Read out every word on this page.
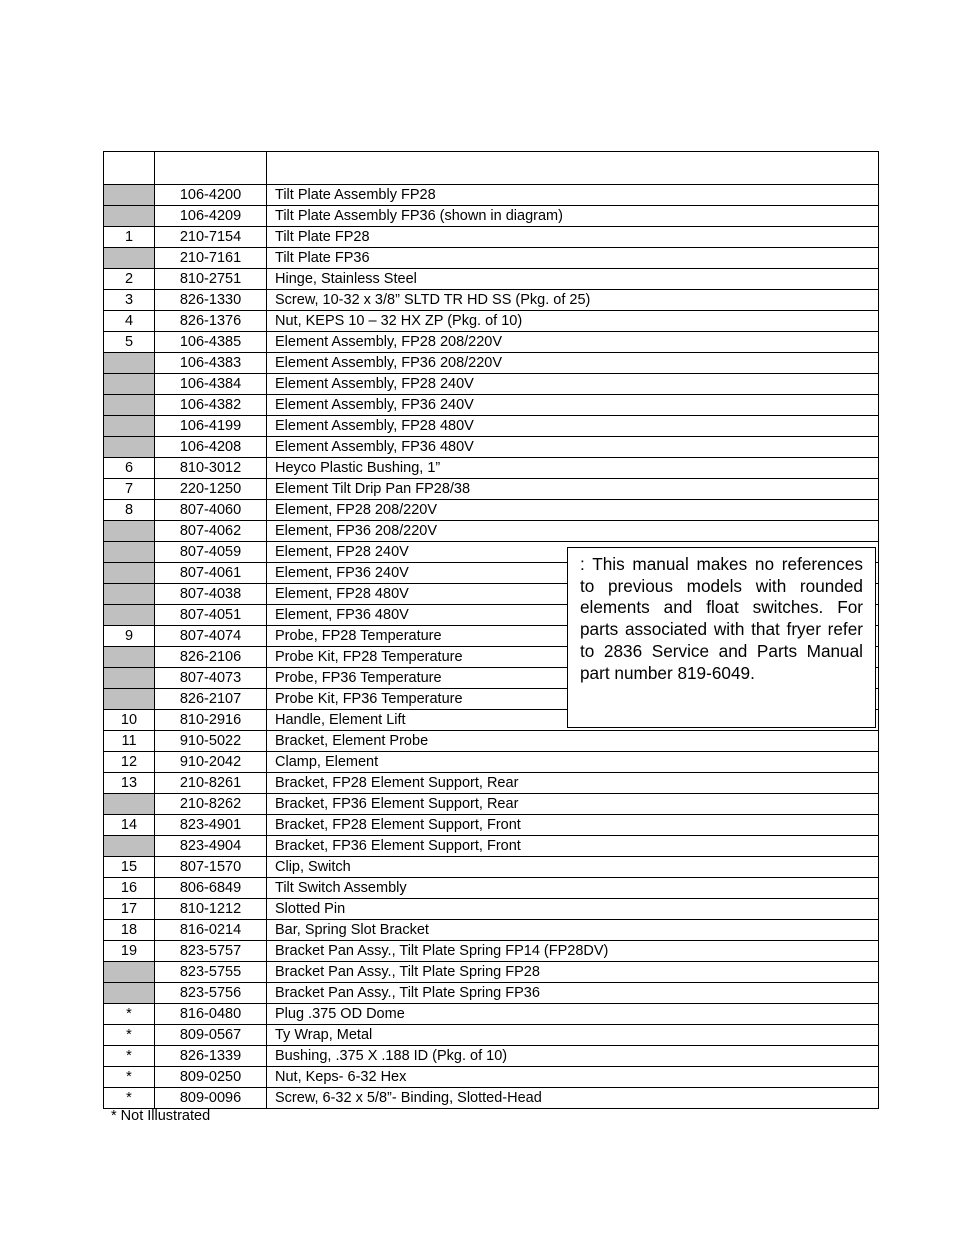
	106-4200	Tilt Plate Assembly FP28
	106-4209	Tilt Plate Assembly FP36 (shown in diagram)
1	210-7154	Tilt Plate FP28
	210-7161	Tilt Plate FP36
2	810-2751	Hinge, Stainless Steel
3	826-1330	Screw, 10-32 x 3/8” SLTD TR HD SS (Pkg. of 25)
4	826-1376	Nut, KEPS 10 – 32 HX ZP (Pkg. of 10)
5	106-4385	Element Assembly, FP28 208/220V
	106-4383	Element Assembly, FP36 208/220V
	106-4384	Element Assembly, FP28 240V
	106-4382	Element Assembly, FP36 240V
	106-4199	Element Assembly, FP28 480V
	106-4208	Element Assembly, FP36 480V
6	810-3012	Heyco Plastic Bushing, 1”
7	220-1250	Element Tilt Drip Pan FP28/38
8	807-4060	Element, FP28 208/220V
	807-4062	Element, FP36 208/220V
	807-4059	Element, FP28 240V
	807-4061	Element, FP36 240V
	807-4038	Element, FP28 480V
	807-4051	Element, FP36 480V
9	807-4074	Probe, FP28 Temperature
	826-2106	Probe Kit, FP28 Temperature
	807-4073	Probe, FP36 Temperature
	826-2107	Probe Kit, FP36 Temperature
10	810-2916	Handle, Element Lift
11	910-5022	Bracket, Element Probe
12	910-2042	Clamp, Element
13	210-8261	Bracket, FP28 Element Support, Rear
	210-8262	Bracket, FP36 Element Support, Rear
14	823-4901	Bracket, FP28 Element Support, Front
	823-4904	Bracket, FP36 Element Support, Front
15	807-1570	Clip, Switch
16	806-6849	Tilt Switch Assembly
17	810-1212	Slotted Pin
18	816-0214	Bar, Spring Slot Bracket
19	823-5757	Bracket Pan Assy., Tilt Plate Spring FP14 (FP28DV)
	823-5755	Bracket Pan Assy., Tilt Plate Spring FP28
	823-5756	Bracket Pan Assy., Tilt Plate Spring FP36
*	816-0480	Plug .375 OD Dome
*	809-0567	Ty Wrap, Metal
*	826-1339	Bushing, .375 X .188 ID (Pkg. of 10)
*	809-0250	Nut, Keps- 6-32 Hex
*	809-0096	Screw, 6-32 x 5/8”- Binding, Slotted-Head
: This manual makes no references to previous models with rounded elements and float switches. For parts associated with that fryer refer to 2836 Service and Parts Manual part number 819-6049.
* Not Illustrated
